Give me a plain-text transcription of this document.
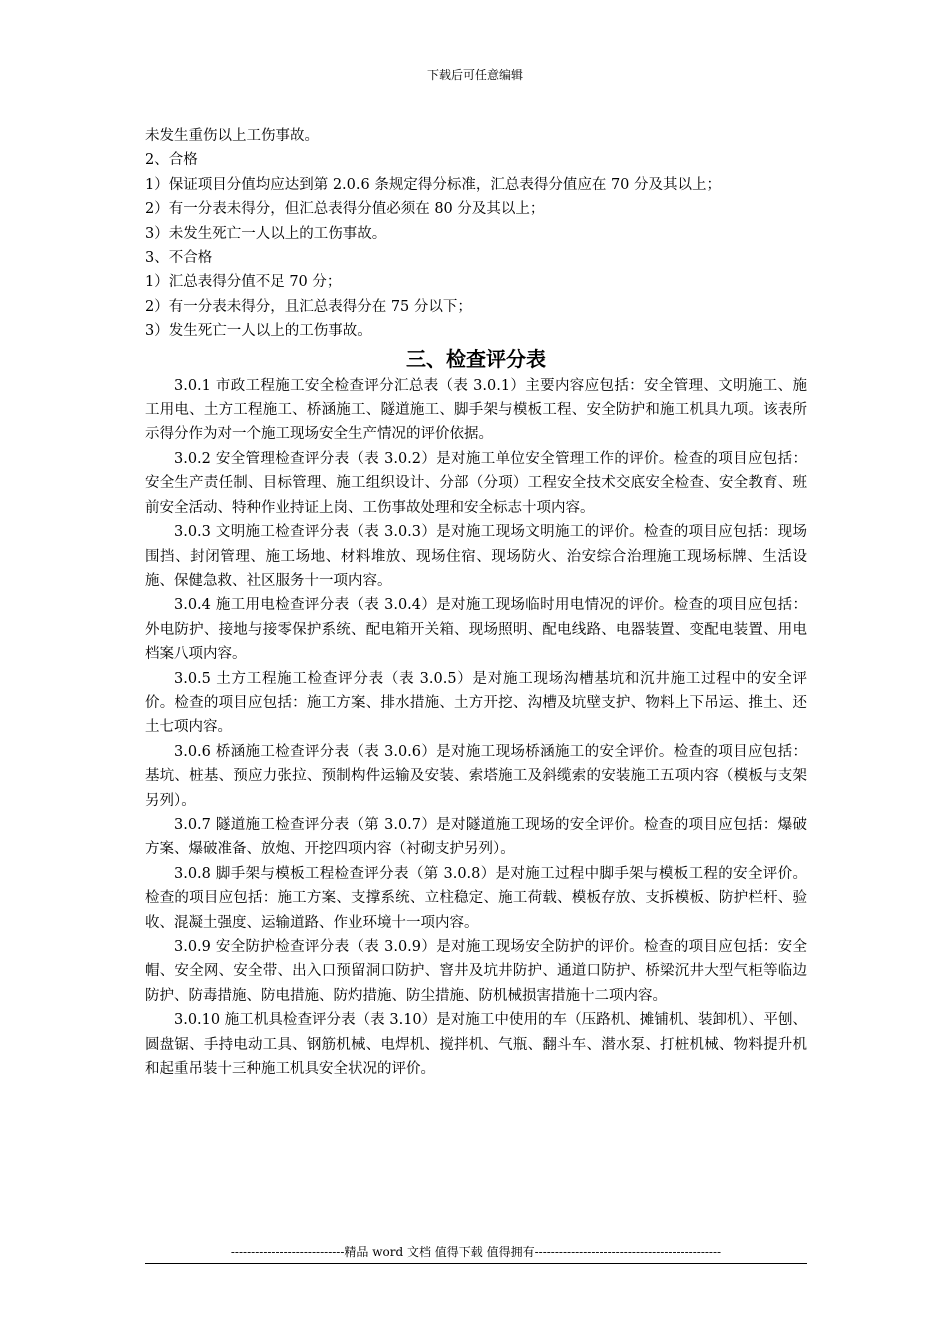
下载后可任意编辑

未发生重伤以上工伤事故。

2、合格

1）保证项目分值均应达到第 2.0.6 条规定得分标准，汇总表得分值应在 70 分及其以上；

2）有一分表未得分，但汇总表得分值必须在 80 分及其以上；

3）未发生死亡一人以上的工伤事故。

3、不合格

1）汇总表得分值不足 70 分；

2）有一分表未得分，且汇总表得分在 75 分以下；

3）发生死亡一人以上的工伤事故。

三、检查评分表

3.0.1 市政工程施工安全检查评分汇总表（表 3.0.1）主要内容应包括：安全管理、文明施工、施工用电、土方工程施工、桥涵施工、隧道施工、脚手架与模板工程、安全防护和施工机具九项。该表所示得分作为对一个施工现场安全生产情况的评价依据。

3.0.2 安全管理检查评分表（表 3.0.2）是对施工单位安全管理工作的评价。检查的项目应包括：安全生产责任制、目标管理、施工组织设计、分部（分项）工程安全技术交底安全检查、安全教育、班前安全活动、特种作业持证上岗、工伤事故处理和安全标志十项内容。

3.0.3 文明施工检查评分表（表 3.0.3）是对施工现场文明施工的评价。检查的项目应包括：现场围挡、封闭管理、施工场地、材料堆放、现场住宿、现场防火、治安综合治理施工现场标牌、生活设施、保健急救、社区服务十一项内容。

3.0.4 施工用电检查评分表（表 3.0.4）是对施工现场临时用电情况的评价。检查的项目应包括：外电防护、接地与接零保护系统、配电箱开关箱、现场照明、配电线路、电器装置、变配电装置、用电档案八项内容。

3.0.5 土方工程施工检查评分表（表 3.0.5）是对施工现场沟槽基坑和沉井施工过程中的安全评价。检查的项目应包括：施工方案、排水措施、土方开挖、沟槽及坑壁支护、物料上下吊运、推土、还土七项内容。

3.0.6 桥涵施工检查评分表（表 3.0.6）是对施工现场桥涵施工的安全评价。检查的项目应包括：基坑、桩基、预应力张拉、预制构件运输及安装、索塔施工及斜缆索的安装施工五项内容（模板与支架另列）。

3.0.7 隧道施工检查评分表（第 3.0.7）是对隧道施工现场的安全评价。检查的项目应包括：爆破方案、爆破准备、放炮、开挖四项内容（衬砌支护另列）。

3.0.8 脚手架与模板工程检查评分表（第 3.0.8）是对施工过程中脚手架与模板工程的安全评价。检查的项目应包括：施工方案、支撑系统、立柱稳定、施工荷载、模板存放、支拆模板、防护栏杆、验收、混凝土强度、运输道路、作业环境十一项内容。

3.0.9 安全防护检查评分表（表 3.0.9）是对施工现场安全防护的评价。检查的项目应包括：安全帽、安全网、安全带、出入口预留洞口防护、窨井及坑井防护、通道口防护、桥梁沉井大型气柜等临边防护、防毒措施、防电措施、防灼措施、防尘措施、防机械损害措施十二项内容。

3.0.10 施工机具检查评分表（表 3.10）是对施工中使用的车（压路机、摊铺机、装卸机）、平刨、圆盘锯、手持电动工具、钢筋机械、电焊机、搅拌机、气瓶、翻斗车、潜水泵、打桩机械、物料提升机和起重吊装十三种施工机具安全状况的评价。

----------------------------精品 word 文档 值得下载 值得拥有----------------------------------------------
